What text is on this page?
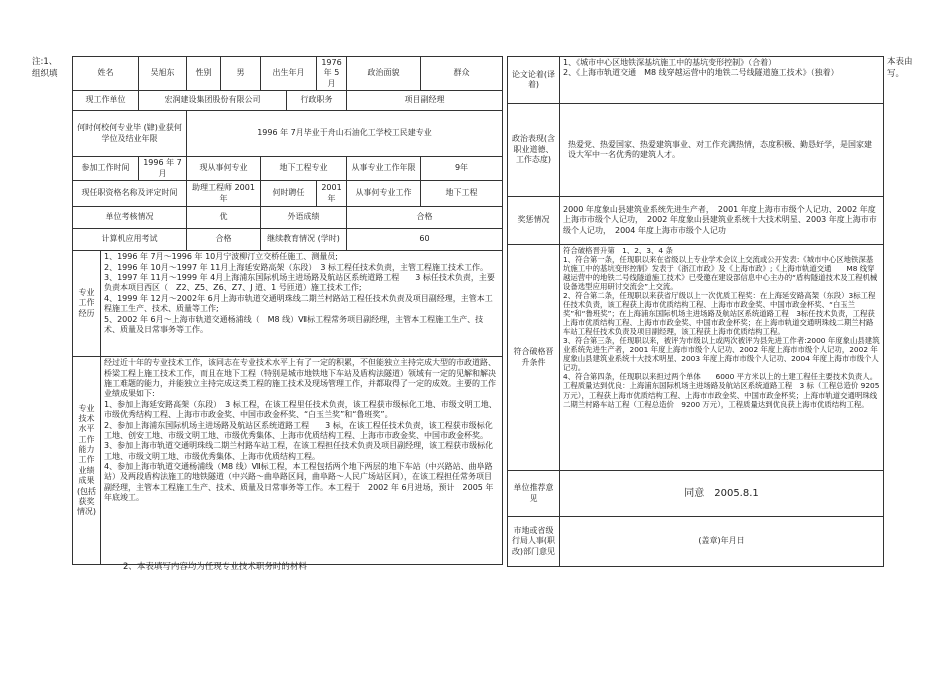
注:1、组织填
本表由写。
2、本表填写内容均为任现专业技术职务时的材料
姓名		吴旭东	性别	男	出生年月		1976年 5月	政治面貌	群众
现工作单位		宏润建设集团股份有限公司				行政职务		项目副经理	
何时何校何专业毕 (肄)业获何学位及结业年限			1996 年 7月毕业于舟山石油化工学校工民建专业						
参加工作时间		1996 年 7月	现从事何专业		地下工程专业			从事专业工作年限	9年
现任职资格名称及评定时间			助理工程师 2001年		何时聘任		2001 年	从事何专业工作	地下工程
单位考核情况			优		外语成绩			合格	
计算机应用考试			合格		继续教育情况 (学时)			60	
专业工作经历	1、1996 年 7月～1996 年 10月宁波柳汀立交桥任施工、测量员;
2、1996 年 10月～1997 年 11月上海延安路高架（东段）　3 标工程任技术负责，主管工程施工技术工作。
3、1997 年 11月～1999 年 4月上海浦东国际机场主进场路及航站区系统道路工程　　3 标任技术负责，主要负责本项目西区（　Z2、Z5、Z6、Z7、J 道、1 号匝道）施工技术工作;
4、1999 年 12月～2002年 6月上海市轨道交通明珠线二期兰村路站工程任技术负责及项目副经理，主管本工程施工生产、技术、质量等工作;
5、2002 年 6月～上海市轨道交通杨浦线（　M8 线）Ⅶ标工程常务项目副经理，主管本工程施工生产、技术、质量及日常事务等工作。								

专业技术水平工作能力工作业绩成果(包括获奖情况)	经过近十年的专业技术工作，该同志在专业技术水平上有了一定的积累，不但能独立主持完成大型的市政道路、桥梁工程上施工技术工作，而且在地下工程（特别是城市地铁地下车站及盾构法隧道）领域有一定的见解和解决施工难题的能力，并能独立主持完成这类工程的施工技术及现场管理工作，并都取得了一定的成效。主要的工作业绩成果如下:
1、参加上海延安路高架（东段）　3 标工程，在该工程里任技术负责，该工程获市级标化工地、市级文明工地、市级优秀结构工程、上海市市政金奖、中国市政金杯奖、“白玉兰奖”和“鲁班奖”。
2、参加上海浦东国际机场主进场路及航站区系统道路工程　　3 标，在该工程任技术负责，该工程获市级标化工地、创安工地、市级文明工地、市级优秀集体、上海市优质结构工程、上海市市政金奖、中国市政金杯奖。
3、参加上海市轨道交通明珠线二期兰村路车站工程，在该工程担任技术负责及项目副经理，该工程获市级标化工地、市级文明工地、市级优秀集体、上海市优质结构工程。
4、参加上海市轨道交通杨浦线（M8 线）Ⅶ标工程，本工程包括两个地下两层的地下车站（中兴路站、曲阜路站）及两段盾构法施工的地铁隧道（中兴路～曲阜路区间，曲阜路～人民广场站区间），在该工程担任常务项目副经理，主管本工程施工生产、技术、质量及日常事务等工作。本工程于　2002 年 6月进场，预计　2005 年年底竣工。								
论文论着(译着)	1、《城市中心区地铁深基坑施工中的基坑变形控制》（合着）
2、《上海市轨道交通　M8 线穿越运营中的地铁二号线隧道施工技术》（独着）

政治表现(含职业道德、工作态度)	热爱党、热爱国家、热爱建筑事业、对工作充满热情，态度积极、勤恳好学，是国家建设大军中一名优秀的建筑人才。
奖惩情况	2000 年度象山县建筑业系统先进生产者，　2001 年度上海市市级个人记功、2002 年度上海市市级个人记功，　2002 年度象山县建筑业系统十大技术明星、2003 年度上海市市级个人记功，　2004 年度上海市市级个人记功
符合破格晋升条件	符合破格晋升第　1、2、3、4 条
1、符合第一条，任现职以来在省级以上专业学术会议上交流或公开发表:《城市中心区地铁深基坑施工中的基坑变形控制》发表于《浙江市政》及《上海市政》;《上海市轨道交通　　M8 线穿越运营中的地铁二号线隧道施工技术》已受邀在建设部信息中心主办的“盾构隧道技术及工程机械设备选型应用研讨交流会”上交流。
2、符合第二条，任现职以来获省厅级以上一次优质工程奖：在上海延安路高架（东段）3标工程任技术负责，该工程获上海市优质结构工程、上海市市政金奖、中国市政金杯奖、“白玉兰奖”和“鲁班奖”；在上海浦东国际机场主进场路及航站区系统道路工程　3标任技术负责，工程获上海市优质结构工程、上海市市政金奖、中国市政金杯奖；在上海市轨道交通明珠线二期兰村路车站工程任技术负责及项目副经理，该工程获上海市优质结构工程。
3、符合第三条，任现职以来，被评为市级以上或两次被评为县先进工作者:2000 年度象山县建筑业系统先进生产者，2001 年度上海市市级个人记功、2002 年度上海市市级个人记功，2002 年度象山县建筑业系统十大技术明星、2003 年度上海市市级个人记功、2004 年度上海市市级个人记功。
4、符合第四条，任现职以来担过两个单体　　6000 平方米以上的土建工程任主要技术负责人。工程质量达到优良：上海浦东国际机场主进场路及航站区系统道路工程　3 标（工程总造价 9205 万元），工程获上海市优质结构工程、上海市市政金奖、中国市政金杯奖；上海市轨道交通明珠线二期兰村路车站工程（工程总造价　9200 万元），工程质量达到优良获上海市优质结构工程。

单位推荐意见	同意　2005.8.1
市地或省级行局人事(职改)部门意见	(盖章)年月日
